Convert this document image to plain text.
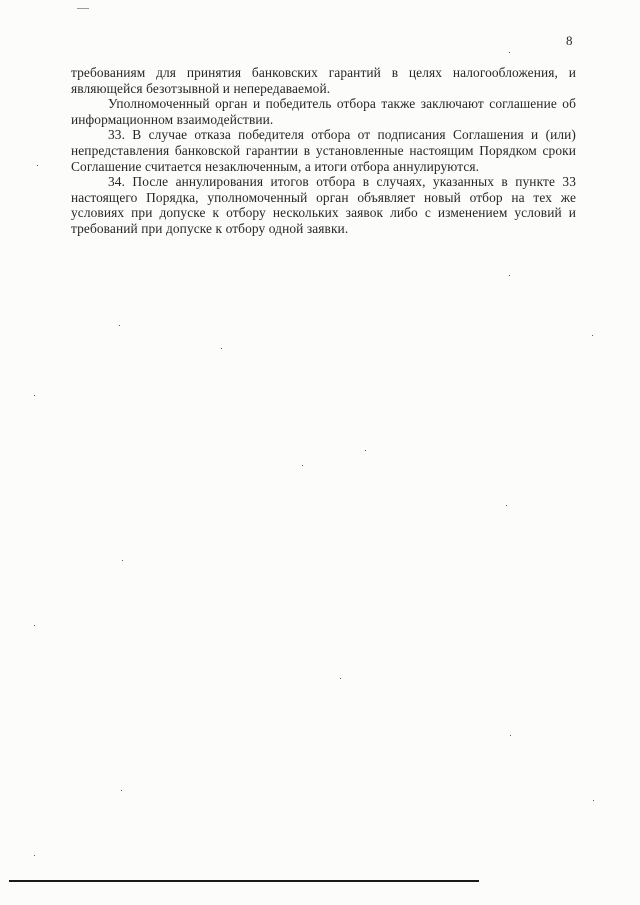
8

требованиям для принятия банковских гарантий в целях налогообложения, и являющейся безотзывной и непередаваемой.

Уполномоченный орган и победитель отбора также заключают соглашение об информационном взаимодействии.

33. В случае отказа победителя отбора от подписания Соглашения и (или) непредставления банковской гарантии в установленные настоящим Порядком сроки Соглашение считается незаключенным, а итоги отбора аннулируются.

34. После аннулирования итогов отбора в случаях, указанных в пункте 33 настоящего Порядка, уполномоченный орган объявляет новый отбор на тех же условиях при допуске к отбору нескольких заявок либо с изменением условий и требований при допуске к отбору одной заявки.
